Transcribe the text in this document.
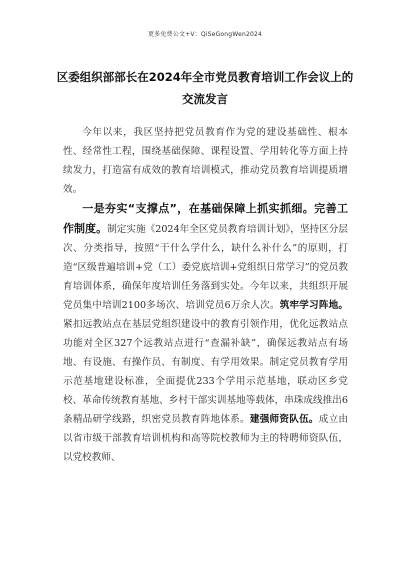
更多免费公文+V：QiSeGongWen2024
区委组织部部长在2024年全市党员教育培训工作会议上的
交流发言

今年以来，我区坚持把党员教育作为党的建设基础性、根本性、经常性工程，围绕基础保障、课程设置、学用转化等方面上持续发力，打造富有成效的教育培训模式，推动党员教育培训提质增效。

一是夯实“支撑点”，在基础保障上抓实抓细。完善工作制度。制定实施《2024年全区党员教育培训计划》，坚持区分层次、分类指导，按照“干什么学什么，缺什么补什么”的原则，打造“区级普遍培训+党（工）委党底培训+党组织日常学习”的党员教育培训体系，确保年度培训任务落到实处。今年以来，共组织开展党员集中培训2100多场次、培训党员6万余人次。筑牢学习阵地。紧扣远教站点在基层党组织建设中的教育引领作用，优化远教站点功能对全区327个远教站点进行“查漏补缺”，确保远教站点有场地、有设施、有操作员、有制度、有学用效果。制定党员教育学用示范基地建设标准，全面提优233个学用示范基地，联动区乡党校、革命传统教育基地、乡村干部实训基地等载体，串珠成线推出6条精品研学线路，织密党员教育阵地体系。建强师资队伍。成立由以省市级干部教育培训机构和高等院校教师为主的特聘师资队伍，以党校教师、
